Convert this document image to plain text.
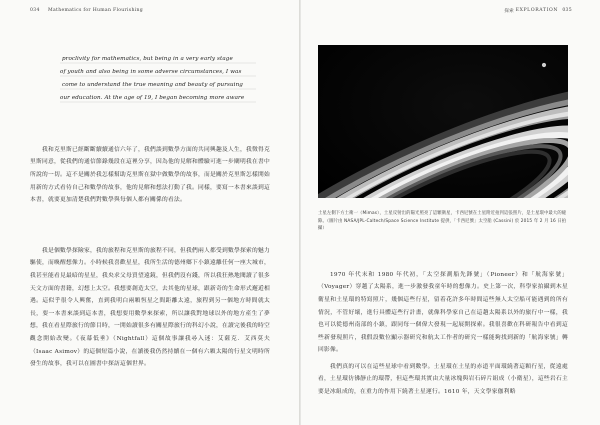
034 Mathematics for Human Flourishing
proclivity for mathematics, but being in a very early stage
of youth and also being in some adverse circumstances, I was
come to understand the true meaning and beauty of pursuing
our education. At the age of 19, I began becoming more aware

我和克里斯已經斷斷續續通信六年了，我們談到數學方面的共同興趣及人生，我徵得克里斯同意，從我們的通信節錄幾段在這裡分享，因為他的見解和體驗可進一步闡明我在書中所說的一切。這不是關於我怎樣幫助克里斯在獄中做數學的故事，而是關於克里斯怎樣開始用新的方式看待自己和數學的故事，他的見解和想法打動了我。同樣，要寫一本書來談到這本書，就要更加清楚我們對數學與每個人都有關係的看法。

我是個數學探險家，我的旅程和克里斯的旅程不同，但我們兩人都受到數學探索的魅力驅使，而喚醒想像力。小時候我喜歡星星，我所生活的德州鄉下小鎮遠離任何一座大城市，我甚至能看見最暗的星星，我央求父母買望遠鏡，但我們沒有錢，所以我狂熱地閱讀了很多天文方面的書籍，幻想上太空。我想要創造太空，去其他的星球，跟新奇的生命形式邂逅相遇。這似乎很令人興奮，直到我明白兩顆恆星之間距離太遠，旅程到另一個地方時間就太長，要一本書來談到這本書，我想要用數學來探索，所以讓我對地球以外的地方產生了夢想，我在看星際旅行的節目時，一開始讀很多有關星際旅行的科幻小說，在讀完後我的時空觀念開始改變。《夜幕低垂》（Nightfall）這個故事讓我尋入迷：艾薩克．艾西莫夫（Isaac Asimov）的這個短篇小說，在讀後我仍然持續在一個有六顆太陽的行星文明時所發生的故事，我可以在圖書中探訪這個世界。

探索 EXPLORATION 035

土星左側下方土衛一（Mimas），土星反射出的陽光照亮了這顆衛星，卡西尼號在土星附近拍到這張照片，是土星環中最大的縫隙。（圖片由 NASA/JPL-Caltech/Space Science Institute 提供，「卡西尼號」太空船 (Cassini) 於 2015 年 2 月 16 日拍攝）

1970 年代末和 1980 年代初，「太空探測船先鋒號」（Pioneer）和「航海家號」（Voyager）穿越了太陽系，進一步激發我童年時的想像力。史上第一次，科學家拍攝到木星衛星和土星環的特寫照片，幾個這些行星，留着花許多年時間這些無人太空船可能遇到的所有情況，不管好壞，進行具體這些行計畫，就像科學家自己在這趟太陽系以外的旅行中一樣，我也可以從德州南部的小鎮，跟同每一個偉大發現一起展開探索。我很喜歡在科研報告中看到這些新發現照片，我假設數位顯示器研究和航太工作者的研究一樣能夠找到新的「航海家號」轉回影像。

我們真的可以在這些星球中看到數學。土星環在土星的赤道平面環繞著這顆行星，從遠處看，土星環彷彿靜止的環帶，但這些環其實由大量冰塊與岩石碎片組成（小衛星），這些岩石主要是冰組成的，在重力的作用下繞著土星運行。1610 年，天文學家伽利略
